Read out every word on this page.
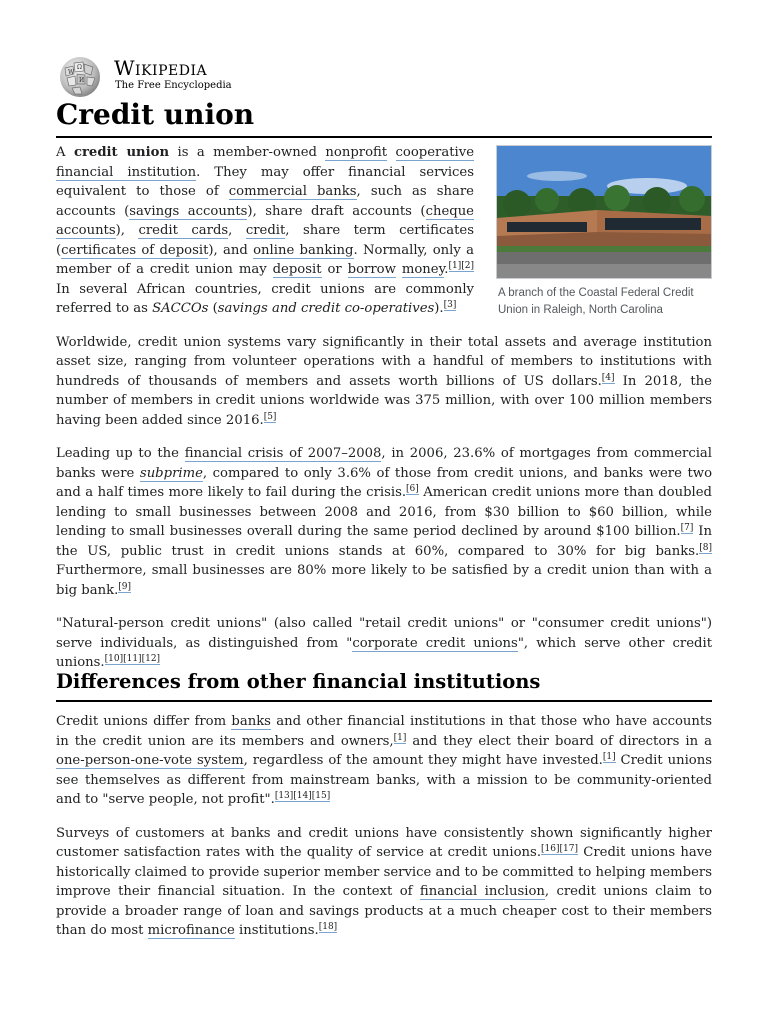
W
Ω
И
Wikipedia
The Free Encyclopedia
Credit union
A branch of the Coastal Federal Credit Union in Raleigh, North Carolina

A credit union is a member-owned nonprofit cooperative financial institution. They may offer financial services equivalent to those of commercial banks, such as share accounts (savings accounts), share draft accounts (cheque accounts), credit cards, credit, share term certificates (certificates of deposit), and online banking. Normally, only a member of a credit union may deposit or borrow money.[1][2] In several African countries, credit unions are commonly referred to as SACCOs (savings and credit co-operatives).[3]

Worldwide, credit union systems vary significantly in their total assets and average institution asset size, ranging from volunteer operations with a handful of members to institutions with hundreds of thousands of members and assets worth billions of US dollars.[4] In 2018, the number of members in credit unions worldwide was 375 million, with over 100 million members having been added since 2016.[5]

Leading up to the financial crisis of 2007–2008, in 2006, 23.6% of mortgages from commercial banks were subprime, compared to only 3.6% of those from credit unions, and banks were two and a half times more likely to fail during the crisis.[6] American credit unions more than doubled lending to small businesses between 2008 and 2016, from $30 billion to $60 billion, while lending to small businesses overall during the same period declined by around $100 billion.[7] In the US, public trust in credit unions stands at 60%, compared to 30% for big banks.[8] Furthermore, small businesses are 80% more likely to be satisfied by a credit union than with a big bank.[9]

"Natural-person credit unions" (also called "retail credit unions" or "consumer credit unions") serve individuals, as distinguished from "corporate credit unions", which serve other credit unions.[10][11][12]

Differences from other financial institutions

Credit unions differ from banks and other financial institutions in that those who have accounts in the credit union are its members and owners,[1] and they elect their board of directors in a one-person-one-vote system, regardless of the amount they might have invested.[1] Credit unions see themselves as different from mainstream banks, with a mission to be community-oriented and to "serve people, not profit".[13][14][15]

Surveys of customers at banks and credit unions have consistently shown significantly higher customer satisfaction rates with the quality of service at credit unions.[16][17] Credit unions have historically claimed to provide superior member service and to be committed to helping members improve their financial situation. In the context of financial inclusion, credit unions claim to provide a broader range of loan and savings products at a much cheaper cost to their members than do most microfinance institutions.[18]
